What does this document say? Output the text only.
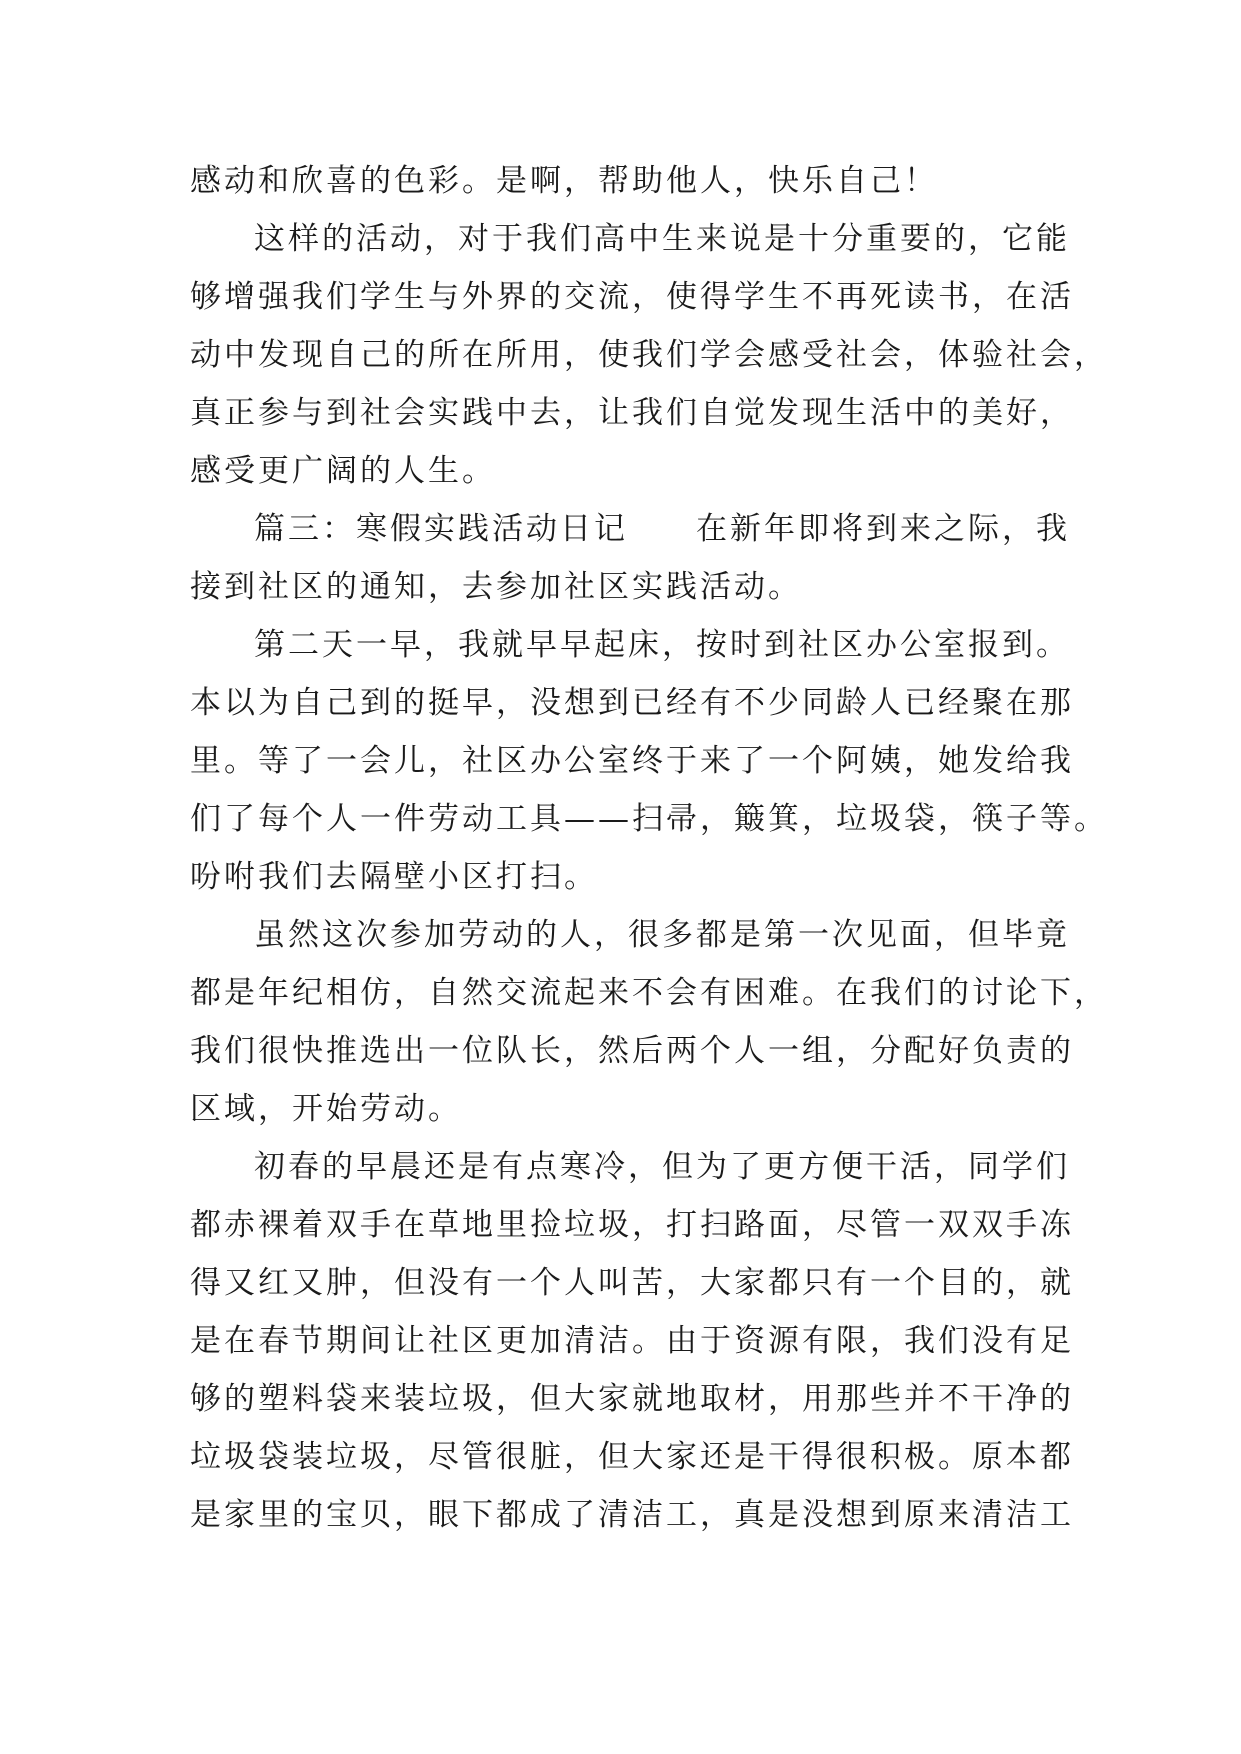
感动和欣喜的色彩。是啊，帮助他人，快乐自己！
这样的活动，对于我们高中生来说是十分重要的，它能
够增强我们学生与外界的交流，使得学生不再死读书，在活
动中发现自己的所在所用，使我们学会感受社会，体验社会，
真正参与到社会实践中去，让我们自觉发现生活中的美好，
感受更广阔的人生。
篇三：寒假实践活动日记　　在新年即将到来之际，我
接到社区的通知，去参加社区实践活动。
第二天一早，我就早早起床，按时到社区办公室报到。
本以为自己到的挺早，没想到已经有不少同龄人已经聚在那
里。等了一会儿，社区办公室终于来了一个阿姨，她发给我
们了每个人一件劳动工具——扫帚，簸箕，垃圾袋，筷子等。
吩咐我们去隔壁小区打扫。
虽然这次参加劳动的人，很多都是第一次见面，但毕竟
都是年纪相仿，自然交流起来不会有困难。在我们的讨论下，
我们很快推选出一位队长，然后两个人一组，分配好负责的
区域，开始劳动。
初春的早晨还是有点寒冷，但为了更方便干活，同学们
都赤裸着双手在草地里捡垃圾，打扫路面，尽管一双双手冻
得又红又肿，但没有一个人叫苦，大家都只有一个目的，就
是在春节期间让社区更加清洁。由于资源有限，我们没有足
够的塑料袋来装垃圾，但大家就地取材，用那些并不干净的
垃圾袋装垃圾，尽管很脏，但大家还是干得很积极。原本都
是家里的宝贝，眼下都成了清洁工，真是没想到原来清洁工
